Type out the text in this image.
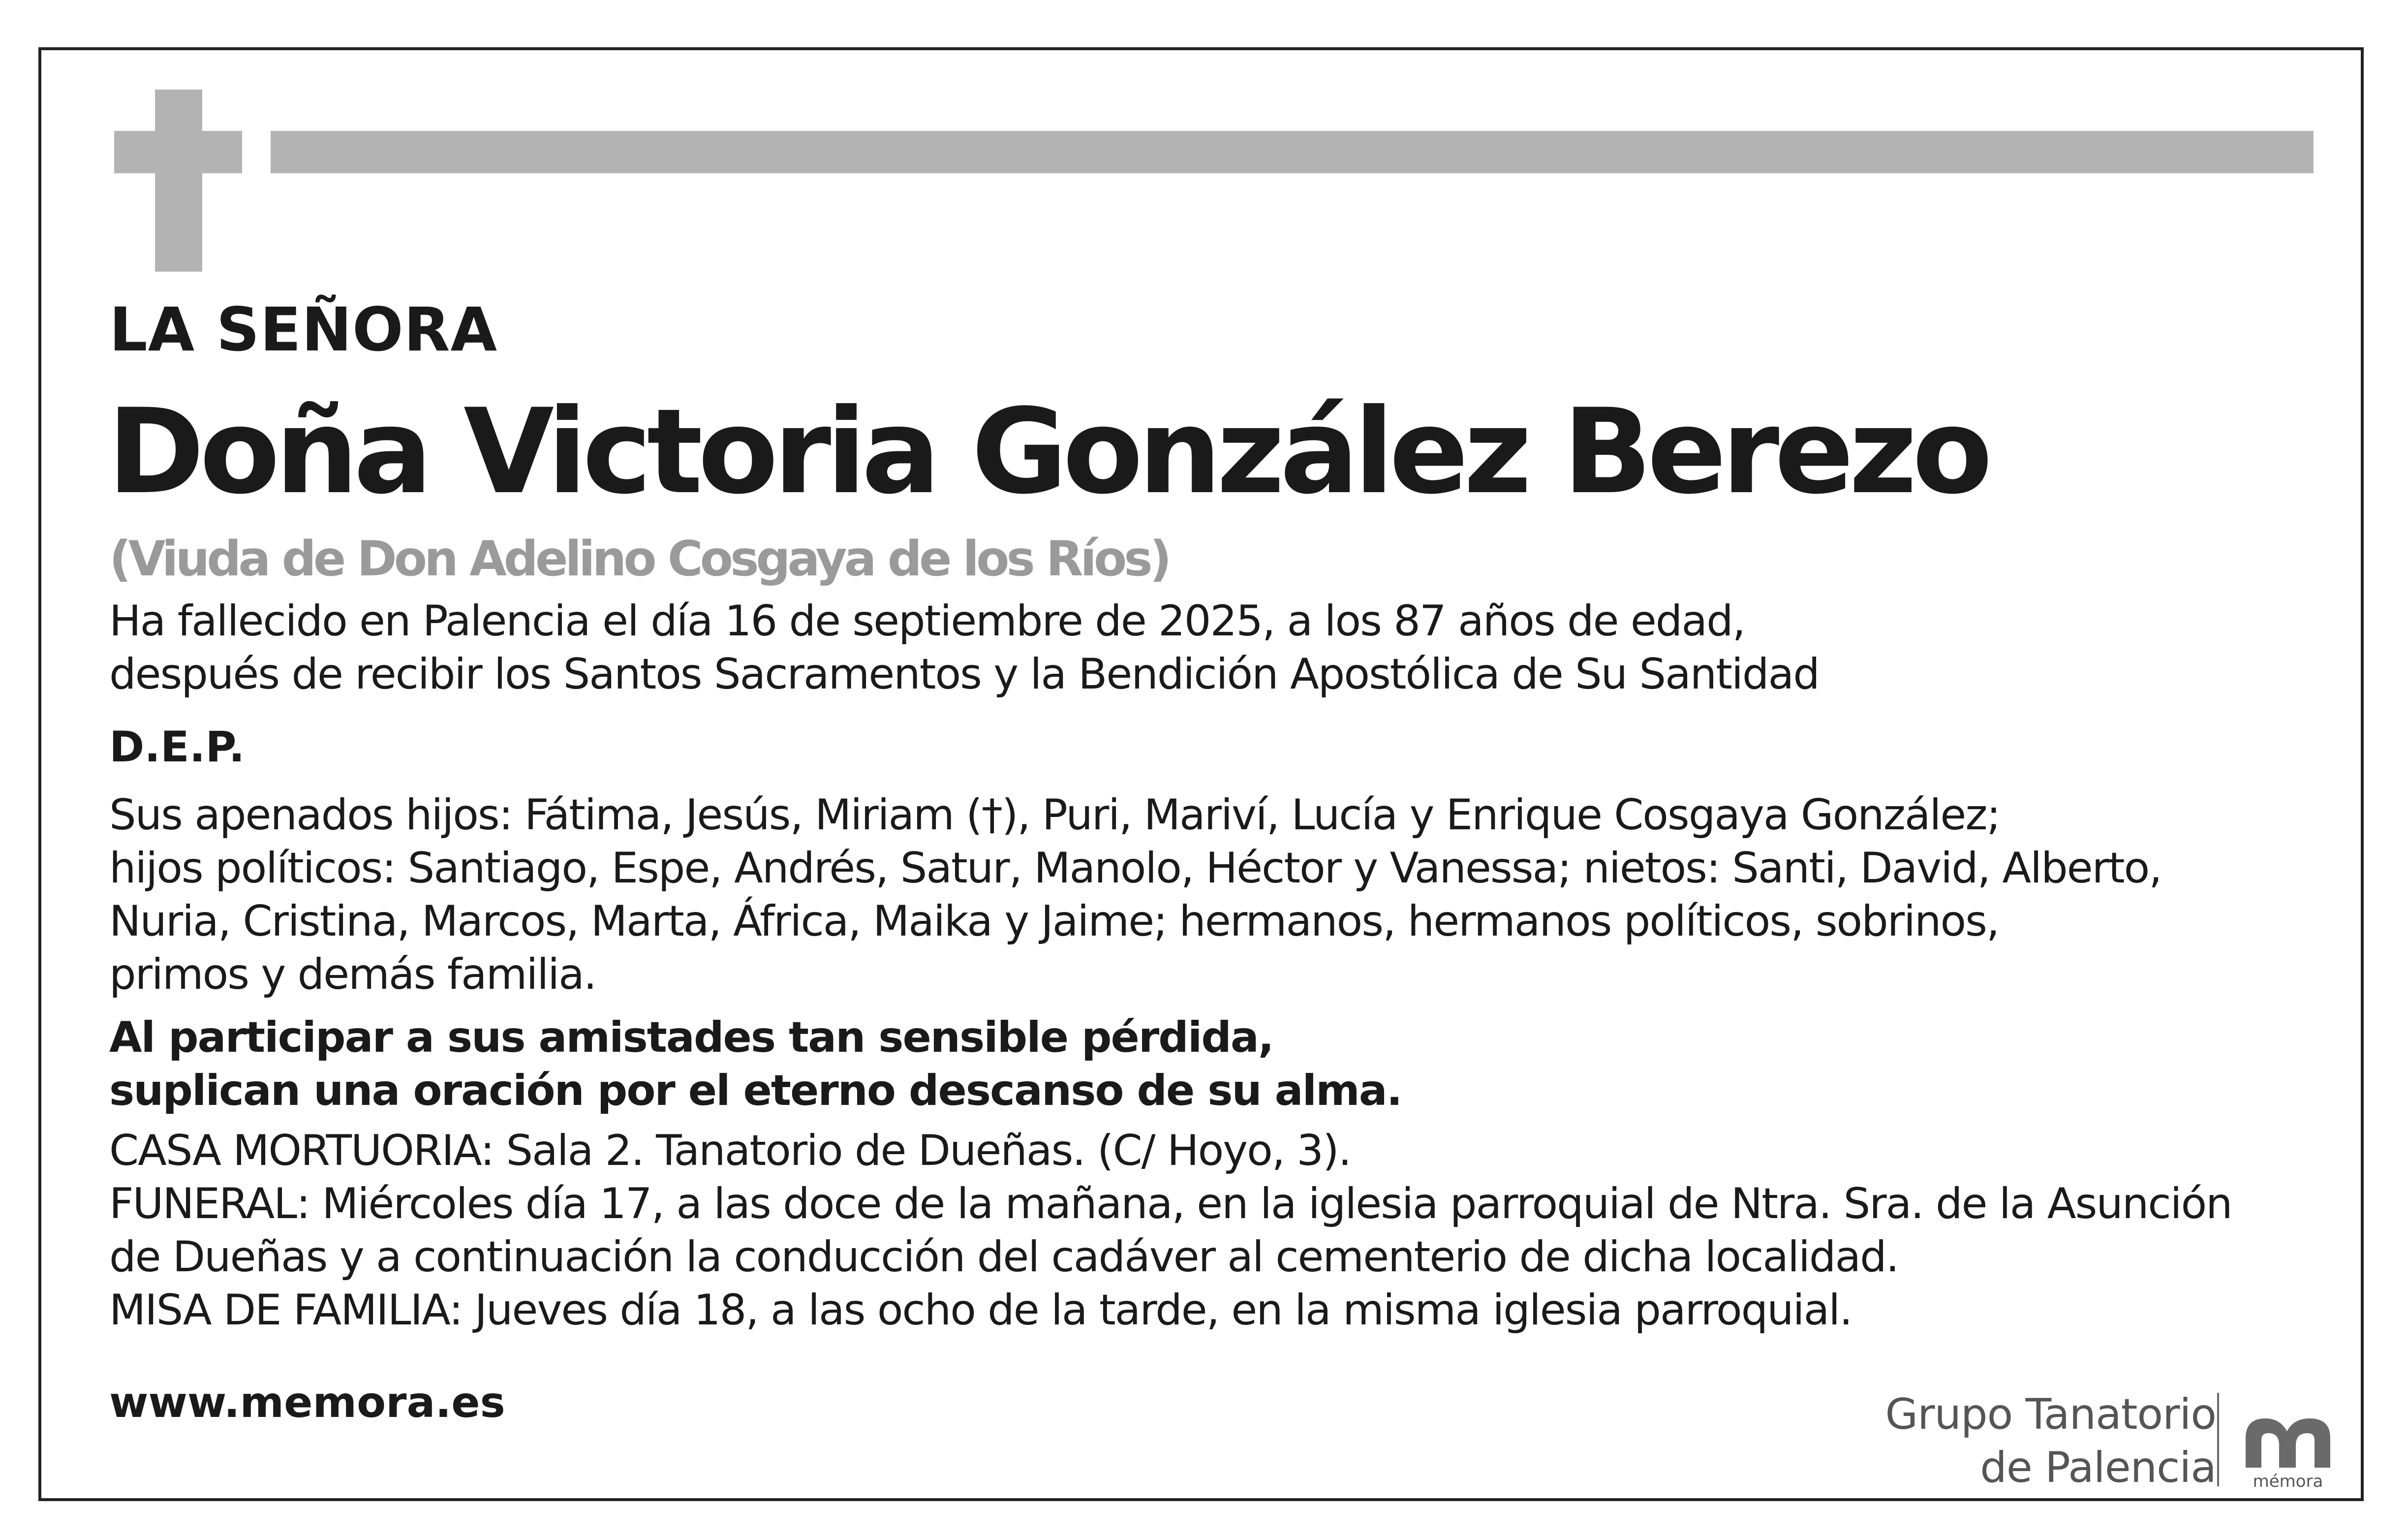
LA SEÑORA
Doña Victoria González Berezo
(Viuda de Don Adelino Cosgaya de los Ríos)
Ha fallecido en Palencia el día 16 de septiembre de 2025, a los 87 años de edad,
después de recibir los Santos Sacramentos y la Bendición Apostólica de Su Santidad
D.E.P.
Sus apenados hijos: Fátima, Jesús, Miriam (†), Puri, Mariví, Lucía y Enrique Cosgaya González;
hijos políticos: Santiago, Espe, Andrés, Satur, Manolo, Héctor y Vanessa; nietos: Santi, David, Alberto,
Nuria, Cristina, Marcos, Marta, África, Maika y Jaime; hermanos, hermanos políticos, sobrinos,
primos y demás familia.
Al participar a sus amistades tan sensible pérdida,
suplican una oración por el eterno descanso de su alma.
CASA MORTUORIA: Sala 2. Tanatorio de Dueñas. (C/ Hoyo, 3).
FUNERAL: Miércoles día 17, a las doce de la mañana, en la iglesia parroquial de Ntra. Sra. de la Asunción
de Dueñas y a continuación la conducción del cadáver al cementerio de dicha localidad.
MISA DE FAMILIA: Jueves día 18, a las ocho de la tarde, en la misma iglesia parroquial.
www.memora.es	Grupo Tanatorio
de Palencia	mémora
